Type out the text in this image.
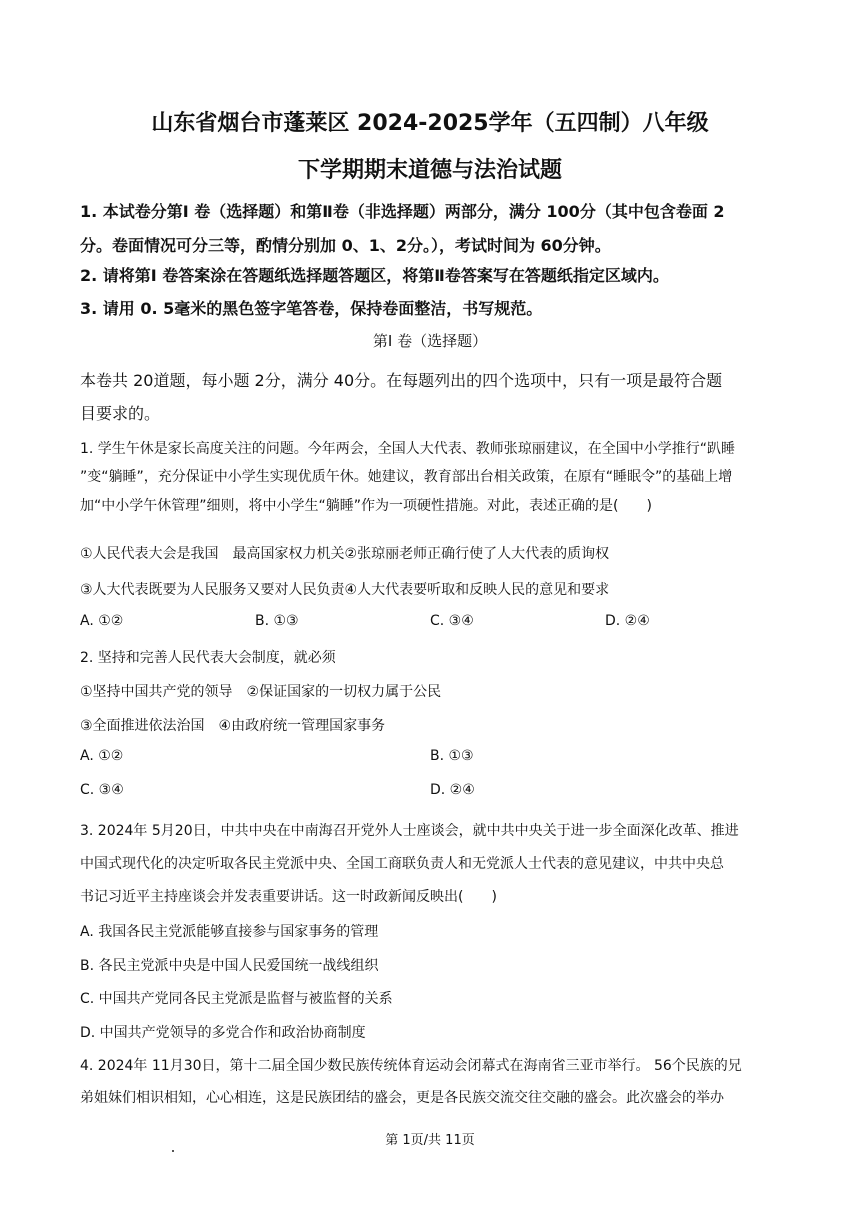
山东省烟台市蓬莱区 2024-2025学年（五四制）八年级
下学期期末道德与法治试题
1. 本试卷分第Ⅰ 卷（选择题）和第Ⅱ卷（非选择题）两部分，满分 100分（其中包含卷面 2
分。卷面情况可分三等，酌情分别加 0、1、2分。），考试时间为 60分钟。
2. 请将第Ⅰ 卷答案涂在答题纸选择题答题区，将第Ⅱ卷答案写在答题纸指定区域内。
3. 请用 0. 5毫米的黑色签字笔答卷，保持卷面整洁，书写规范。
第Ⅰ 卷（选择题）
本卷共 20道题，每小题 2分，满分 40分。在每题列出的四个选项中，只有一项是最符合题
目要求的。
1. 学生午休是家长高度关注的问题。今年两会，全国人大代表、教师张琼丽建议，在全国中小学推行“趴睡
”变“躺睡”，充分保证中小学生实现优质午休。她建议，教育部出台相关政策，在原有“睡眠令”的基础上增
加“中小学午休管理”细则，将中小学生“躺睡”作为一项硬性措施。对此，表述正确的是(　　)
①人民代表大会是我国　最高国家权力机关②张琼丽老师正确行使了人大代表的质询权
③人大代表既要为人民服务又要对人民负责④人大代表要听取和反映人民的意见和要求
A. ①②	B. ①③	C. ③④	D. ②④
2. 坚持和完善人民代表大会制度，就必须
①坚持中国共产党的领导　②保证国家的一切权力属于公民
③全面推进依法治国　④由政府统一管理国家事务
A. ①②	B. ①③
C. ③④	D. ②④
3. 2024年 5月20日，中共中央在中南海召开党外人士座谈会，就中共中央关于进一步全面深化改革、推进
中国式现代化的决定听取各民主党派中央、全国工商联负责人和无党派人士代表的意见建议，中共中央总
书记习近平主持座谈会并发表重要讲话。这一时政新闻反映出(　　)
A. 我国各民主党派能够直接参与国家事务的管理
B. 各民主党派中央是中国人民爱国统一战线组织
C. 中国共产党同各民主党派是监督与被监督的关系
D. 中国共产党领导的多党合作和政治协商制度
4. 2024年 11月30日，第十二届全国少数民族传统体育运动会闭幕式在海南省三亚市举行。 56个民族的兄
弟姐妹们相识相知，心心相连，这是民族团结的盛会，更是各民族交流交往交融的盛会。此次盛会的举办
第 1页/共 11页
